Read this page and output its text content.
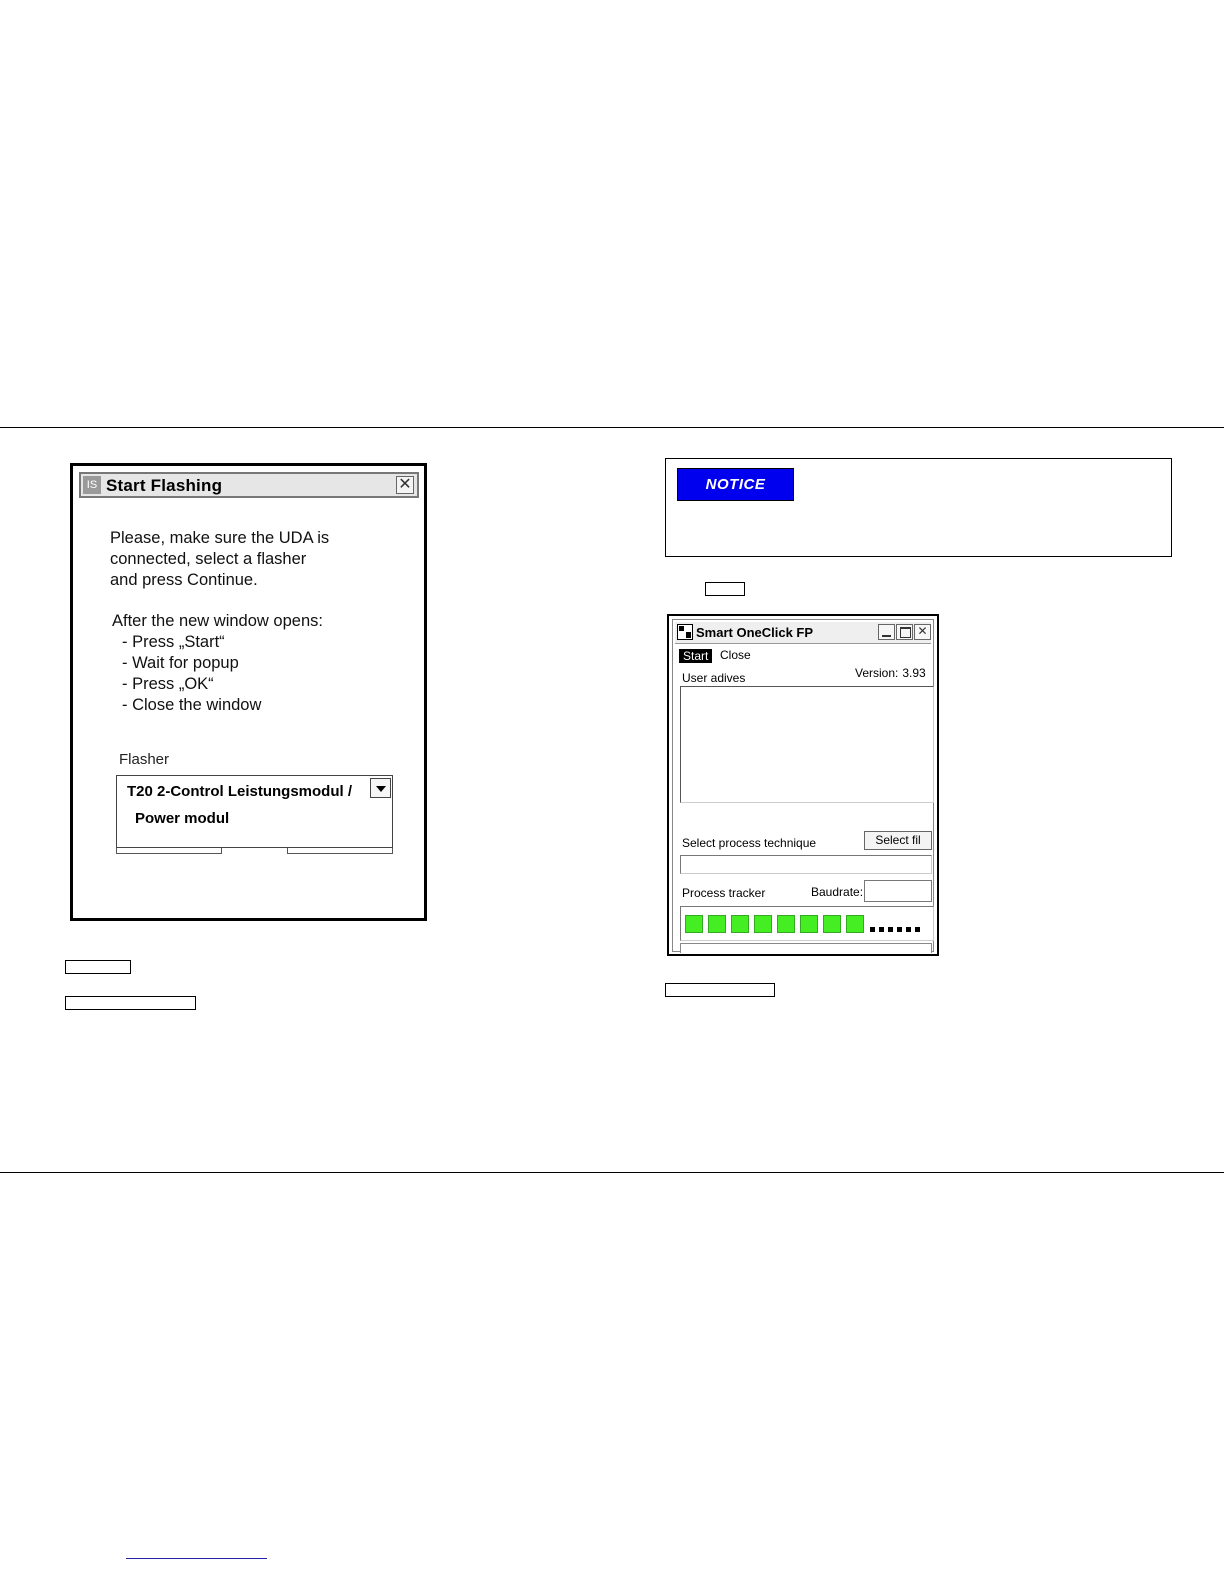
IS Start Flashing	✕
Please, make sure the UDA is
connected, select a flasher
and press Continue.
After the new window opens:
- Press „Start“
- Wait for popup
- Press „OK“
- Close the window
Flasher
T20 2-Control Leistungsmodul /
Power modul
NOTICE
Smart OneClick FP	✕
Start Close
Version: 3.93
User adives
Select process technique	Select fil
Process tracker	Baudrate:
